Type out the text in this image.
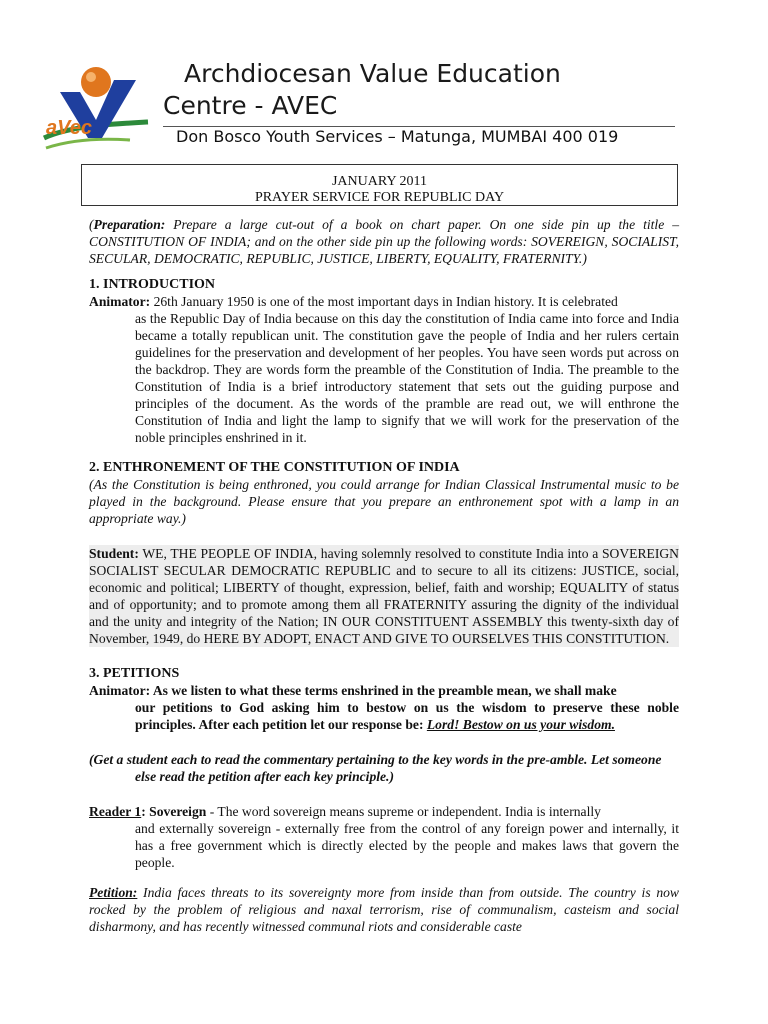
aVec
Archdiocesan Value Education
Centre - AVEC
Don Bosco Youth Services – Matunga, MUMBAI 400 019
JANUARY 2011
PRAYER SERVICE FOR REPUBLIC DAY

(Preparation: Prepare a large cut-out of a book on chart paper. On one side pin up the title – CONSTITUTION OF INDIA; and on the other side pin up the following words: SOVEREIGN, SOCIALIST, SECULAR, DEMOCRATIC, REPUBLIC, JUSTICE, LIBERTY, EQUALITY, FRATERNITY.)

1. INTRODUCTION

Animator: 26th January 1950 is one of the most important days in Indian history. It is celebrated
as the Republic Day of India because on this day the constitution of India came into force and India became a totally republican unit. The constitution gave the people of India and her rulers certain guidelines for the preservation and development of her peoples. You have seen words put across on the backdrop. They are words form the preamble of the Constitution of India. The preamble to the Constitution of India is a brief introductory statement that sets out the guiding purpose and principles of the document. As the words of the pramble are read out, we will enthrone the Constitution of India and light the lamp to signify that we will work for the preservation of the noble principles enshrined in it.

2. ENTHRONEMENT OF THE CONSTITUTION OF INDIA

(As the Constitution is being enthroned, you could arrange for Indian Classical Instrumental music to be played in the background. Please ensure that you prepare an enthronement spot with a lamp in an appropriate way.)

Student: WE, THE PEOPLE OF INDIA, having solemnly resolved to constitute India into a SOVEREIGN SOCIALIST SECULAR DEMOCRATIC REPUBLIC and to secure to all its citizens: JUSTICE, social, economic and political; LIBERTY of thought, expression, belief, faith and worship; EQUALITY of status and of opportunity; and to promote among them all FRATERNITY assuring the dignity of the individual and the unity and integrity of the Nation; IN OUR CONSTITUENT ASSEMBLY this twenty-sixth day of November, 1949, do HERE BY ADOPT, ENACT AND GIVE TO OURSELVES THIS CONSTITUTION.

3. PETITIONS

Animator: As we listen to what these terms enshrined in the preamble mean, we shall make
our petitions to God asking him to bestow on us the wisdom to preserve these noble principles. After each petition let our response be: Lord! Bestow on us your wisdom.

(Get a student each to read the commentary pertaining to the key words in the pre-amble. Let someone
else read the petition after each key principle.)

Reader 1: Sovereign - The word sovereign means supreme or independent. India is internally
and externally sovereign - externally free from the control of any foreign power and internally, it has a free government which is directly elected by the people and makes laws that govern the people.

Petition: India faces threats to its sovereignty more from inside than from outside. The country is now rocked by the problem of religious and naxal terrorism, rise of communalism, casteism and social disharmony, and has recently witnessed communal riots and considerable caste
